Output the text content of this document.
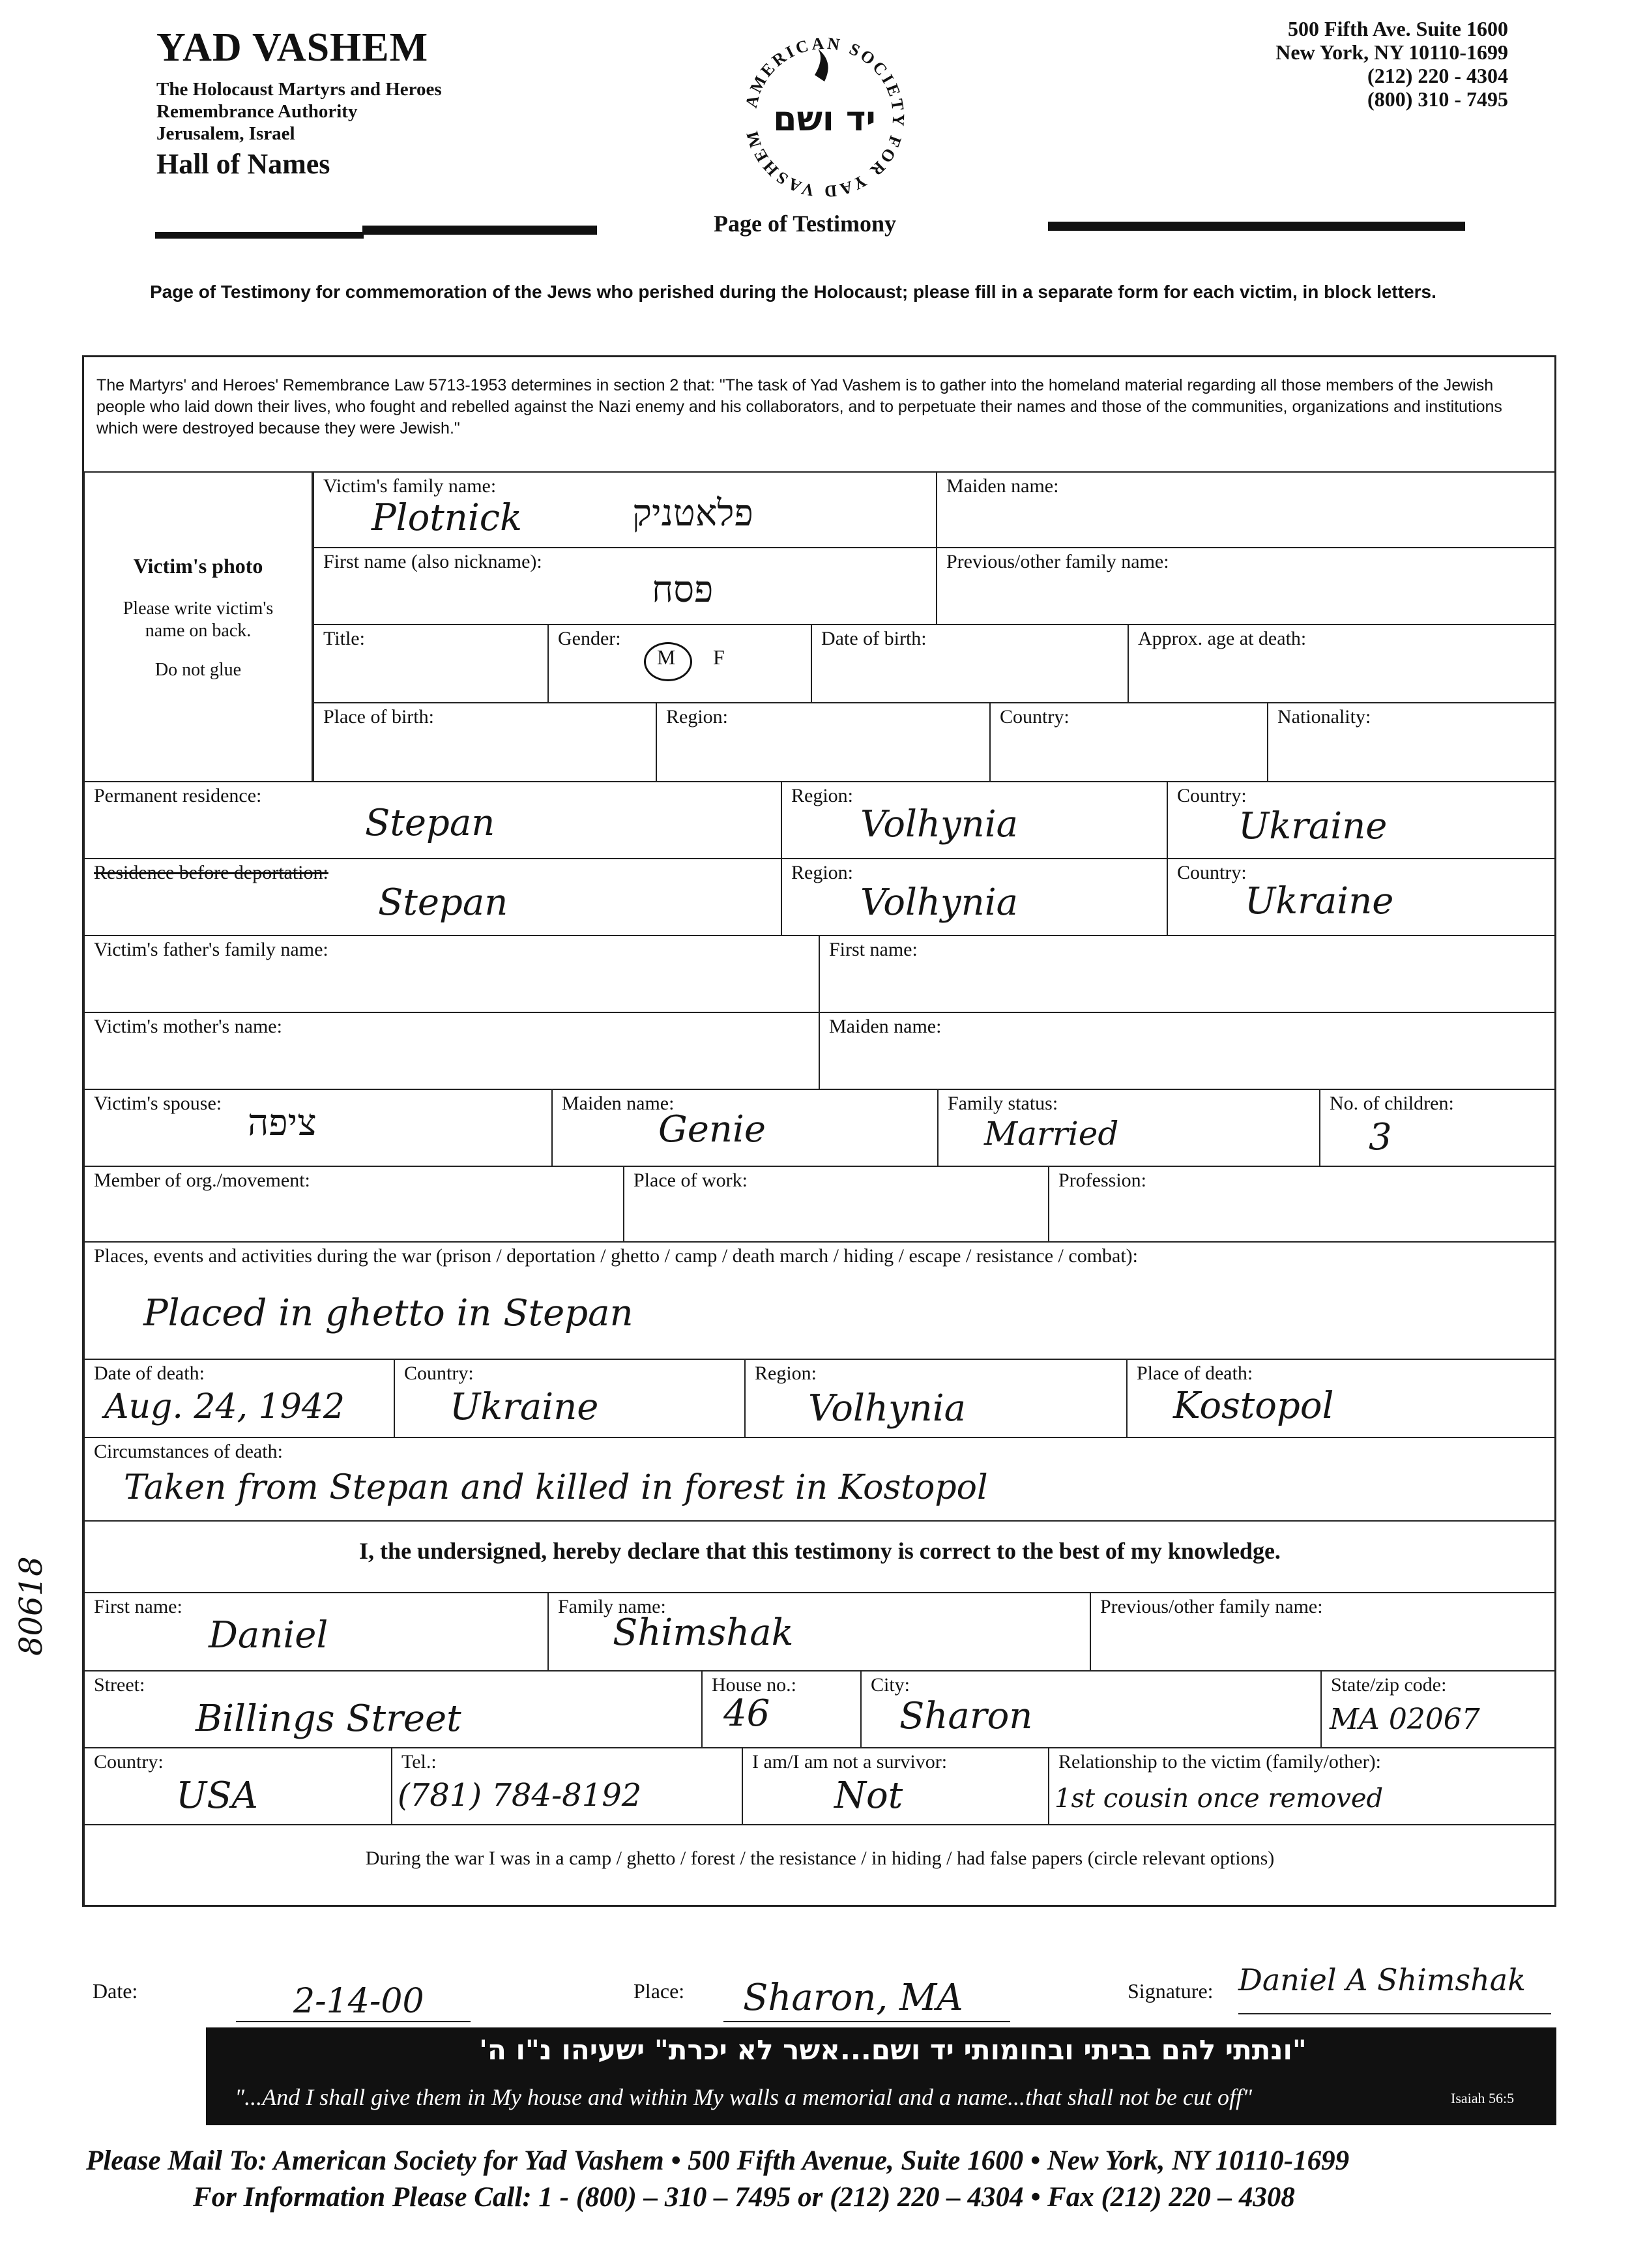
YAD VASHEM
The Holocaust Martyrs and Heroes
Remembrance Authority
Jerusalem, Israel
Hall of Names
AMERICAN SOCIETY FOR YAD VASHEM יד ושם
Page of Testimony
500 Fifth Ave. Suite 1600
New York, NY 10110-1699
(212) 220 - 4304
(800) 310 - 7495
Page of Testimony for commemoration of the Jews who perished during the Holocaust; please fill in a separate form for each victim, in block letters.
The Martyrs' and Heroes' Remembrance Law 5713-1953 determines in section 2 that: "The task of Yad Vashem is to gather into the homeland material regarding all those members of the Jewish people who laid down their lives, who fought and rebelled against the Nazi enemy and his collaborators, and to perpetuate their names and those of the communities, organizations and institutions which were destroyed because they were Jewish."
Victim's photo
Please write victim's
name on back.
Do not glue
Victim's family name:
Plotnick	פלאטניק
Maiden name:
First name (also nickname):
פסח
Previous/other family name:
Title:	Gender:
M F
Date of birth:	Approx. age at death:
Place of birth:	Region:	Country:	Nationality:
Permanent residence:
Stepan
Region:
Volhynia
Country:
Ukraine
Residence before deportation:
Stepan
Region:
Volhynia
Country:
Ukraine
Victim's father's family name:	First name:
Victim's mother's name:	Maiden name:
Victim's spouse: ציפה	Maiden name:
Genie
Family status:
Married
No. of children:
3
Member of org./movement:	Place of work:	Profession:
Places, events and activities during the war (prison / deportation / ghetto / camp / death march / hiding / escape / resistance / combat):
Placed in ghetto in Stepan
Date of death:
Aug. 24, 1942
Country:
Ukraine
Region:
Volhynia
Place of death:
Kostopol
Circumstances of death:
Taken from Stepan and killed in forest in Kostopol
I, the undersigned, hereby declare that this testimony is correct to the best of my knowledge.
First name:
Daniel
Family name:
Shimshak
Previous/other family name:
Street:
Billings Street
House no.:
46
City:
Sharon
State/zip code:
MA 02067
Country:
USA
Tel.:
(781) 784-8192
I am/I am not a survivor:
Not
Relationship to the victim (family/other):
1st cousin once removed
During the war I was in a camp / ghetto / forest / the resistance / in hiding / had false papers (circle relevant options)
80618
Date:	2-14-00	Place: Sharon, MA	Signature: Daniel A Shimshak
"ונתתי להם בביתי ובחומותי יד ושם...אשר לא יכרת" ישעיהו נ"ו ה'
"...And I shall give them in My house and within My walls a memorial and a name...that shall not be cut off"	Isaiah 56:5
Please Mail To: American Society for Yad Vashem • 500 Fifth Avenue, Suite 1600 • New York, NY 10110-1699
For Information Please Call: 1 - (800) – 310 – 7495 or (212) 220 – 4304 • Fax (212) 220 – 4308
